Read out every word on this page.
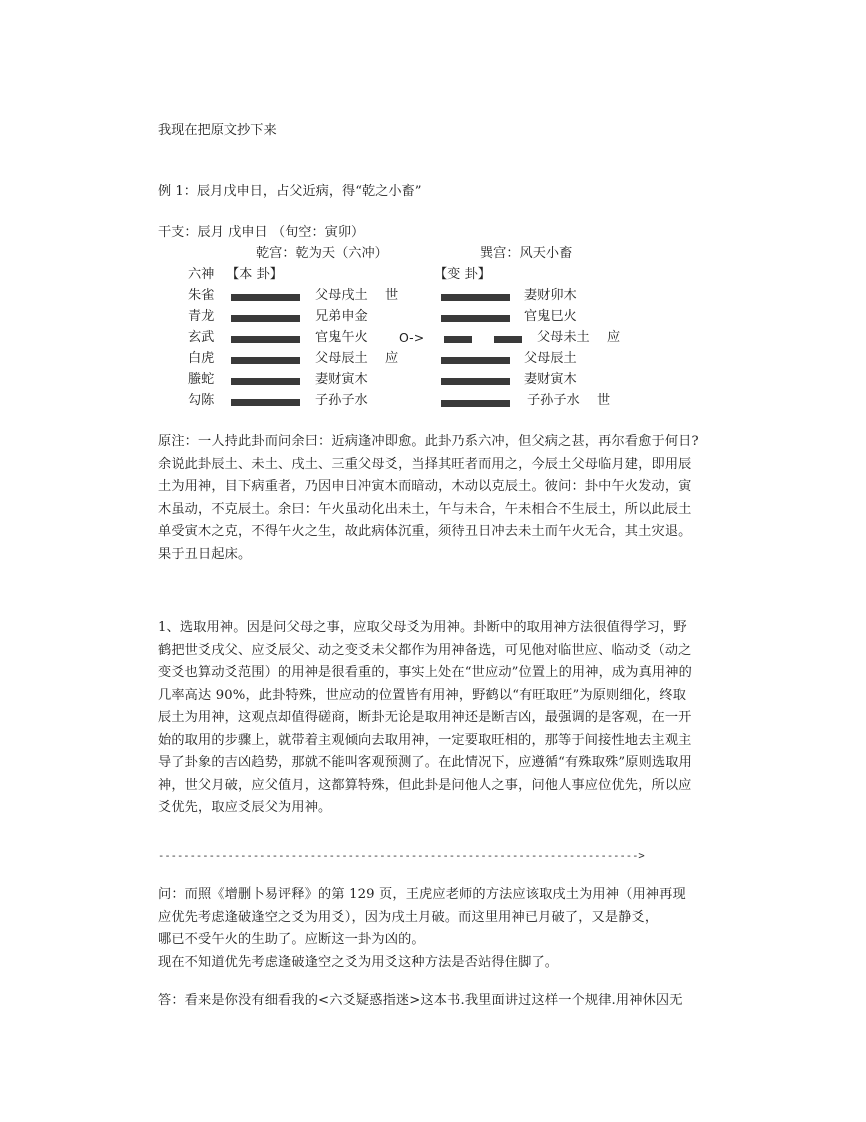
我现在把原文抄下来
例 1：辰月戊申日，占父近病，得“乾之小畜”
干支：辰月 戊申日 （旬空：寅卯）
乾宫：乾为天（六冲）	巽宫：风天小畜
六神 【本 卦】	【变 卦】
朱雀	父母戌土 世	妻财卯木
青龙	兄弟申金	官鬼巳火
玄武	官鬼午火	O->	父母未土 应
白虎	父母辰土 应	父母辰土
螣蛇	妻财寅木	妻财寅木
勾陈	子孙子水	子孙子水 世
原注：一人持此卦而问余曰：近病逢冲即愈。此卦乃系六冲，但父病之甚，再尔看愈于何日?
余说此卦辰土、未土、戌土、三重父母爻，当择其旺者而用之，今辰土父母临月建，即用辰
土为用神，目下病重者，乃因申日冲寅木而暗动，木动以克辰土。彼问：卦中午火发动，寅
木虽动，不克辰土。余曰：午火虽动化出未土，午与未合，午未相合不生辰土，所以此辰土
单受寅木之克，不得午火之生，故此病体沉重，须待丑日冲去未土而午火无合，其土灾退。
果于丑日起床。
1、选取用神。因是问父母之事，应取父母爻为用神。卦断中的取用神方法很值得学习，野
鹤把世爻戌父、应爻辰父、动之变爻未父都作为用神备选，可见他对临世应、临动爻（动之
变爻也算动爻范围）的用神是很看重的，事实上处在“世应动”位置上的用神，成为真用神的
几率高达 90%，此卦特殊，世应动的位置皆有用神，野鹤以“有旺取旺”为原则细化，终取
辰土为用神，这观点却值得磋商，断卦无论是取用神还是断吉凶，最强调的是客观，在一开
始的取用的步骤上，就带着主观倾向去取用神，一定要取旺相的，那等于间接性地去主观主
导了卦象的吉凶趋势，那就不能叫客观预测了。在此情况下，应遵循“有殊取殊”原则选取用
神，世父月破，应父值月，这都算特殊，但此卦是问他人之事，问他人事应位优先，所以应
爻优先，取应爻辰父为用神。
---------------------------------------------------------------------------->
问：而照《增删卜易评释》的第 129 页，王虎应老师的方法应该取戌土为用神（用神再现
应优先考虑逢破逢空之爻为用爻），因为戌土月破。而这里用神已月破了，又是静爻，
哪已不受午火的生助了。应断这一卦为凶的。
现在不知道优先考虑逢破逢空之爻为用爻这种方法是否站得住脚了。
答：看来是你没有细看我的<六爻疑惑指迷>这本书.我里面讲过这样一个规律.用神休囚无
